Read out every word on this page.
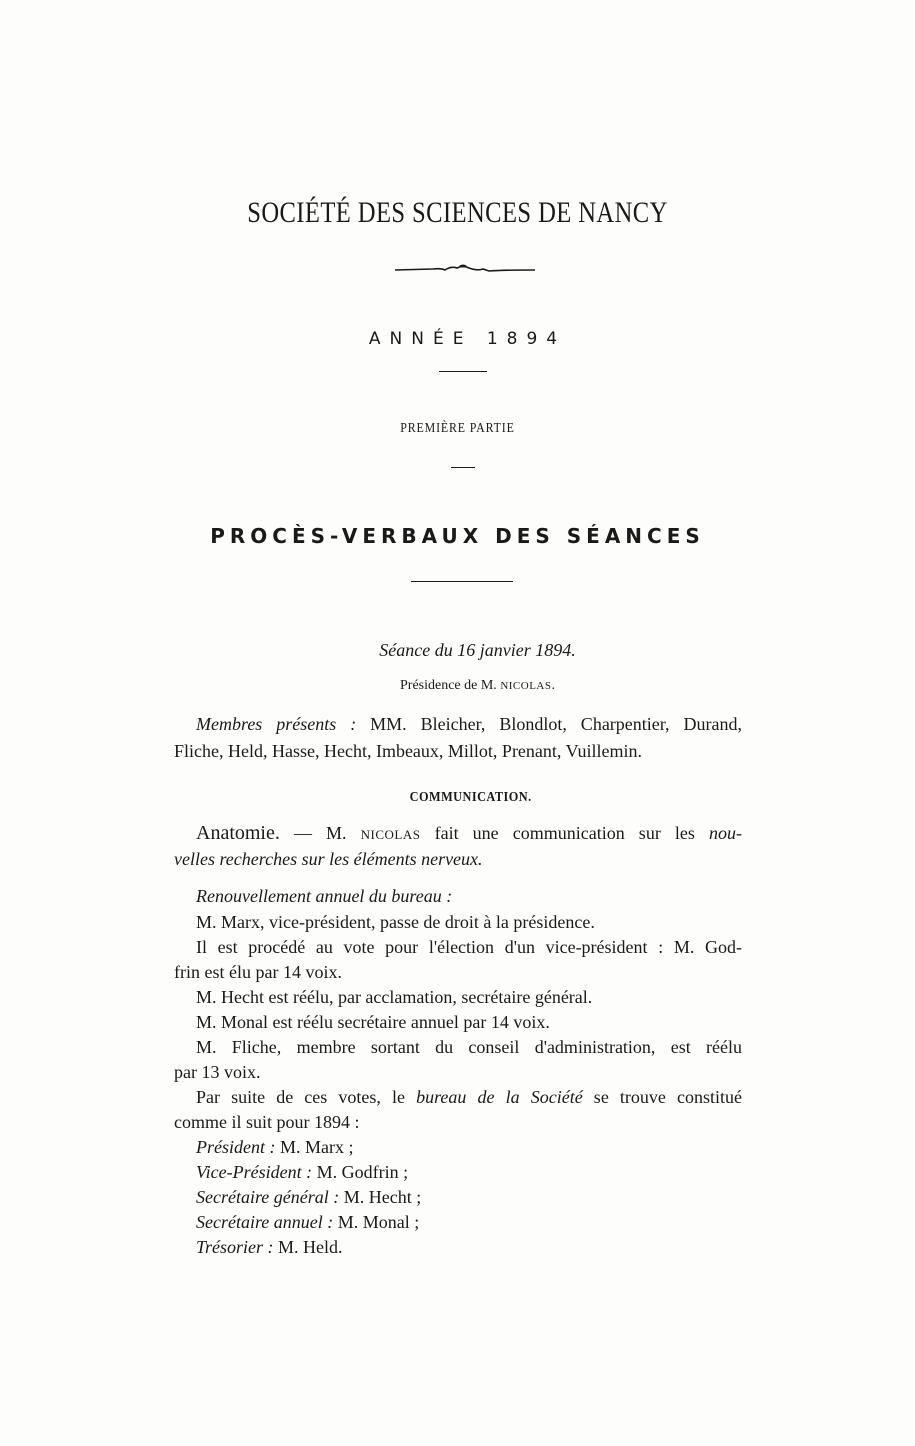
SOCIÉTÉ DES SCIENCES DE NANCY
ANNÉE 1894
PREMIÈRE PARTIE
PROCÈS-VERBAUX DES SÉANCES
Séance du 16 janvier 1894.
Présidence de M. NICOLAS.
Membres présents : MM. Bleicher, Blondlot, Charpentier, Durand,
Fliche, Held, Hasse, Hecht, Imbeaux, Millot, Prenant, Vuillemin.
COMMUNICATION.
Anatomie. — M. NICOLAS fait une communication sur les nou-
velles recherches sur les éléments nerveux.
Renouvellement annuel du bureau :
M. Marx, vice-président, passe de droit à la présidence.
Il est procédé au vote pour l'élection d'un vice-président : M. God-
frin est élu par 14 voix.
M. Hecht est réélu, par acclamation, secrétaire général.
M. Monal est réélu secrétaire annuel par 14 voix.
M. Fliche, membre sortant du conseil d'administration, est réélu
par 13 voix.
Par suite de ces votes, le bureau de la Société se trouve constitué
comme il suit pour 1894 :
Président : M. Marx ;
Vice-Président : M. Godfrin ;
Secrétaire général : M. Hecht ;
Secrétaire annuel : M. Monal ;
Trésorier : M. Held.
